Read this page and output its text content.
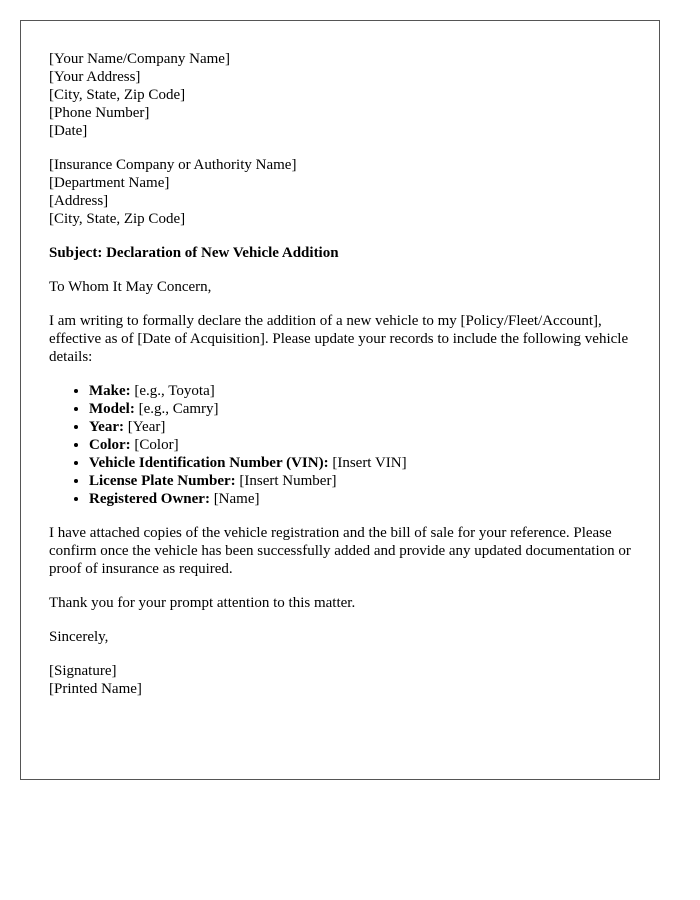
[Your Name/Company Name]
[Your Address]
[City, State, Zip Code]
[Phone Number]
[Date]
[Insurance Company or Authority Name]
[Department Name]
[Address]
[City, State, Zip Code]

Subject: Declaration of New Vehicle Addition

To Whom It May Concern,

I am writing to formally declare the addition of a new vehicle to my [Policy/Fleet/Account], effective as of [Date of Acquisition]. Please update your records to include the following vehicle details:

• Make: [e.g., Toyota]
• Model: [e.g., Camry]
• Year: [Year]
• Color: [Color]
• Vehicle Identification Number (VIN): [Insert VIN]
• License Plate Number: [Insert Number]
• Registered Owner: [Name]

I have attached copies of the vehicle registration and the bill of sale for your reference. Please confirm once the vehicle has been successfully added and provide any updated documentation or proof of insurance as required.

Thank you for your prompt attention to this matter.

Sincerely,

[Signature]
[Printed Name]
